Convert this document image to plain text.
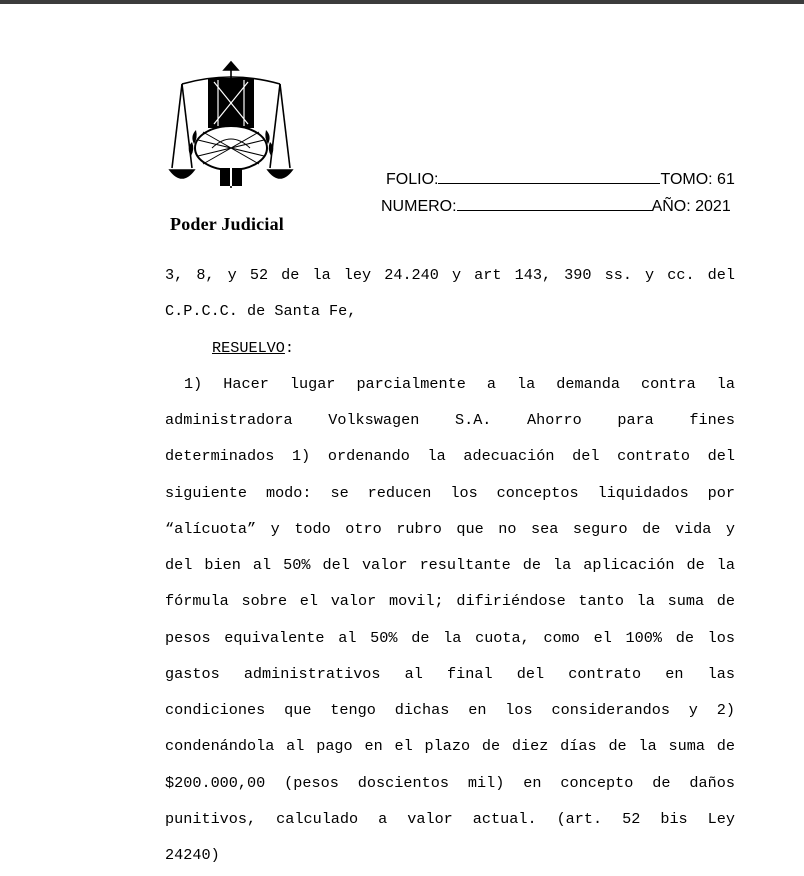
Poder Judicial
FOLIO:	TOMO: 61
NUMERO:	AÑO: 2021

3, 8, y 52 de la ley 24.240 y art 143, 390 ss. y cc. del

C.P.C.C. de Santa Fe,

RESUELVO:

1) Hacer lugar parcialmente a la demanda contra la

administradora Volkswagen S.A. Ahorro para fines

determinados 1) ordenando la adecuación del contrato del

siguiente modo: se reducen los conceptos liquidados por

“alícuota” y todo otro rubro que no sea seguro de vida y

del bien al 50% del valor resultante de la aplicación de la

fórmula sobre el valor movil; difiriéndose tanto la suma de

pesos equivalente al 50% de la cuota, como el 100% de los

gastos administrativos al final del contrato en las

condiciones que tengo dichas en los considerandos y 2)

condenándola al pago en el plazo de diez días de la suma de

$200.000,00 (pesos doscientos mil) en concepto de daños

punitivos, calculado a valor actual. (art. 52 bis Ley

24240)
